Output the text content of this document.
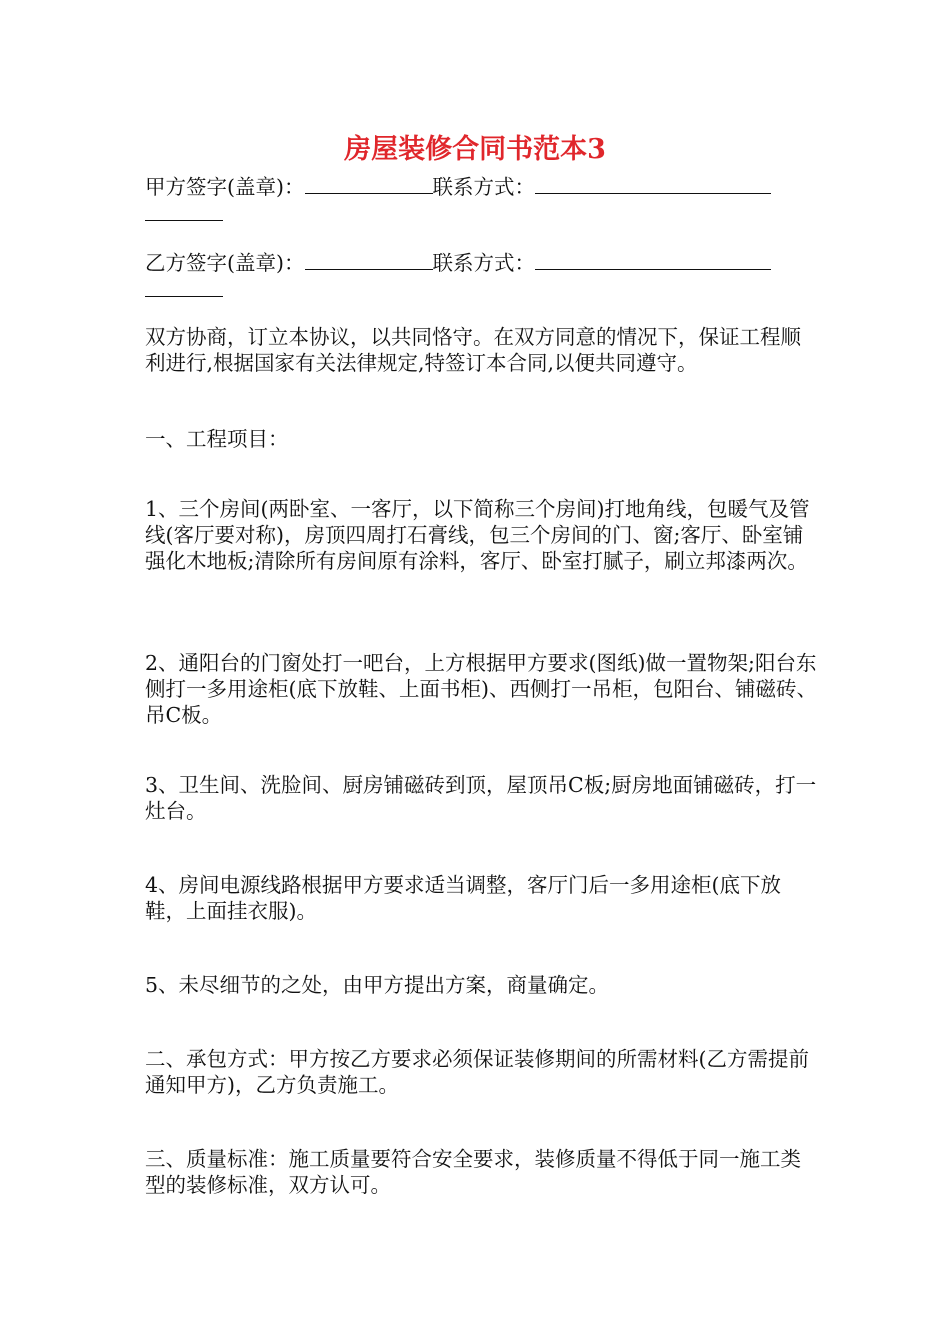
房屋装修合同书范本3

甲方签字(盖章)：	联系方式：

乙方签字(盖章)：	联系方式：

双方协商，订立本协议，以共同恪守。在双方同意的情况下，保证工程顺利进行,根据国家有关法律规定,特签订本合同,以便共同遵守。

一、工程项目：

1、三个房间(两卧室、一客厅，以下简称三个房间)打地角线，包暖气及管线(客厅要对称)，房顶四周打石膏线，包三个房间的门、窗;客厅、卧室铺强化木地板;清除所有房间原有涂料，客厅、卧室打腻子，刷立邦漆两次。

2、通阳台的门窗处打一吧台，上方根据甲方要求(图纸)做一置物架;阳台东侧打一多用途柜(底下放鞋、上面书柜)、西侧打一吊柜，包阳台、铺磁砖、吊C板。

3、卫生间、洗脸间、厨房铺磁砖到顶，屋顶吊C板;厨房地面铺磁砖，打一灶台。

4、房间电源线路根据甲方要求适当调整，客厅门后一多用途柜(底下放鞋，上面挂衣服)。

5、未尽细节的之处，由甲方提出方案，商量确定。

二、承包方式：甲方按乙方要求必须保证装修期间的所需材料(乙方需提前通知甲方)，乙方负责施工。

三、质量标准：施工质量要符合安全要求，装修质量不得低于同一施工类型的装修标准，双方认可。
